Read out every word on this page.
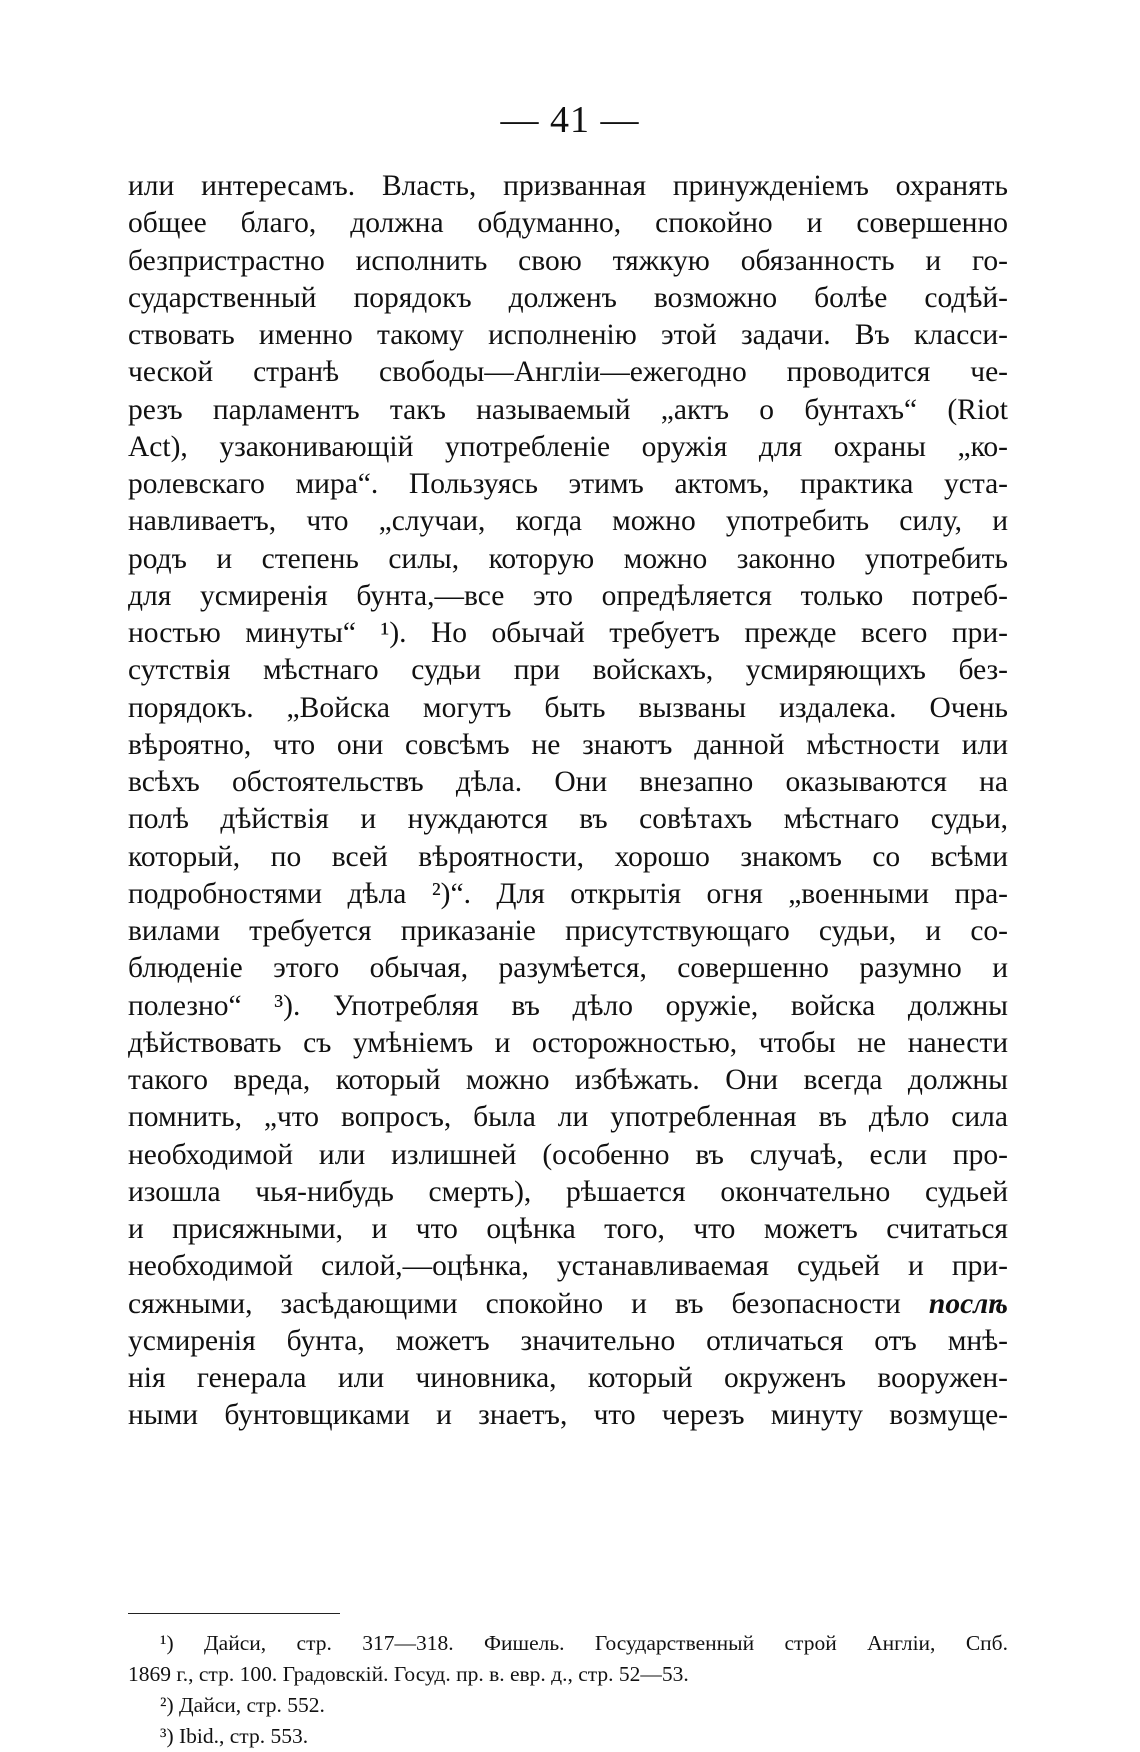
— 41 —
или интересамъ. Власть, призванная принужденіемъ охранять
общее благо, должна обдуманно, спокойно и совершенно
безпристрастно исполнить свою тяжкую обязанность и го-
сударственный порядокъ долженъ возможно болѣе содѣй-
ствовать именно такому исполненію этой задачи. Въ класси-
ческой странѣ свободы—Англіи—ежегодно проводится че-
резъ парламентъ такъ называемый „актъ о бунтахъ“ (Riot
Act), узаконивающій употребленіе оружія для охраны „ко-
ролевскаго мира“. Пользуясь этимъ актомъ, практика уста-
навливаетъ, что „случаи, когда можно употребить силу, и
родъ и степень силы, которую можно законно употребить
для усмиренія бунта,—все это опредѣляется только потреб-
ностью минуты“ ¹). Но обычай требуетъ прежде всего при-
сутствія мѣстнаго судьи при войскахъ, усмиряющихъ без-
порядокъ. „Войска могутъ быть вызваны издалека. Очень
вѣроятно, что они совсѣмъ не знаютъ данной мѣстности или
всѣхъ обстоятельствъ дѣла. Они внезапно оказываются на
полѣ дѣйствія и нуждаются въ совѣтахъ мѣстнаго судьи,
который, по всей вѣроятности, хорошо знакомъ со всѣми
подробностями дѣла ²)“. Для открытія огня „военными пра-
вилами требуется приказаніе присутствующаго судьи, и со-
блюденіе этого обычая, разумѣется, совершенно разумно и
полезно“ ³). Употребляя въ дѣло оружіе, войска должны
дѣйствовать съ умѣніемъ и осторожностью, чтобы не нанести
такого вреда, который можно избѣжать. Они всегда должны
помнить, „что вопросъ, была ли употребленная въ дѣло сила
необходимой или излишней (особенно въ случаѣ, если про-
изошла чья-нибудь смерть), рѣшается окончательно судьей
и присяжными, и что оцѣнка того, что можетъ считаться
необходимой силой,—оцѣнка, устанавливаемая судьей и при-
сяжными, засѣдающими спокойно и въ безопасности послѣ
усмиренія бунта, можетъ значительно отличаться отъ мнѣ-
нія генерала или чиновника, который окруженъ вооружен-
ными бунтовщиками и знаетъ, что черезъ минуту возмуще-
¹) Дайси, стр. 317—318. Фишель. Государственный строй Англіи, Спб.
1869 г., стр. 100. Градовскій. Госуд. пр. в. евр. д., стр. 52—53.
²) Дайси, стр. 552.
³) Ibid., стр. 553.
